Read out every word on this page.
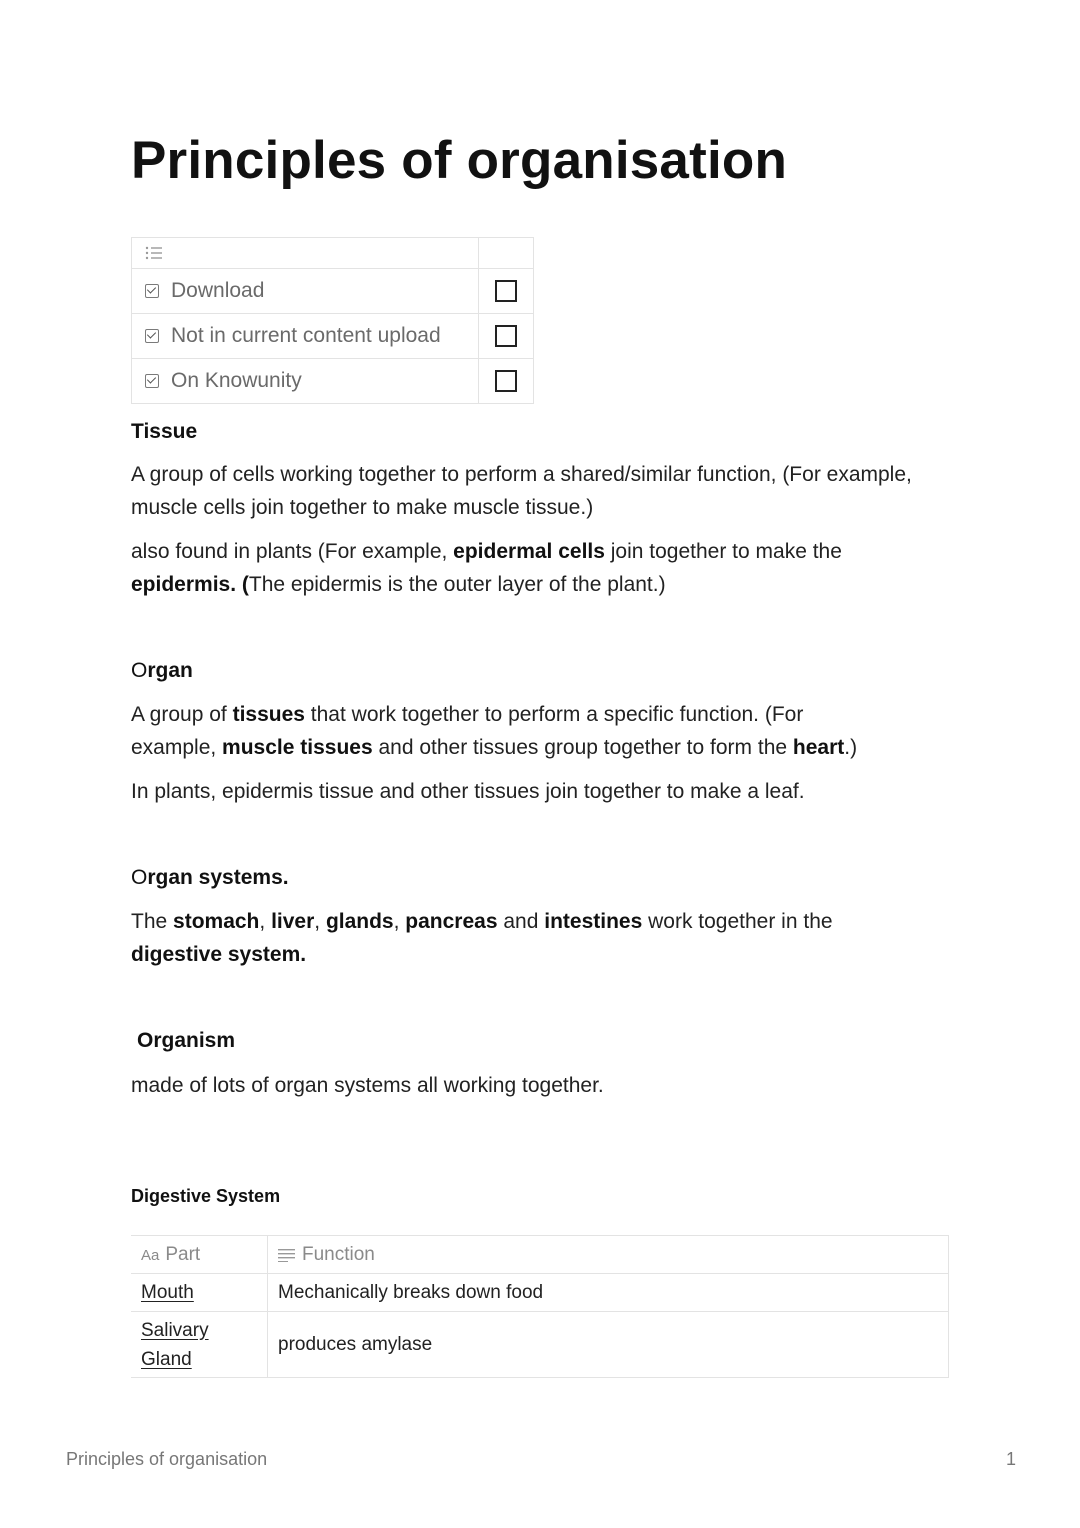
Principles of organisation

Download	
Not in current content upload	
On Knowunity	
Tissue

A group of cells working together to perform a shared/similar function, (For example, muscle cells join together to make muscle tissue.)

also found in plants (For example, epidermal cells join together to make the epidermis. (The epidermis is the outer layer of the plant.)

Organ

A group of tissues that work together to perform a specific function. (For example, muscle tissues and other tissues group together to form the heart.)

In plants, epidermis tissue and other tissues join together to make a leaf.

Organ systems.

The stomach, liver, glands, pancreas and intestines work together in the digestive system.

Organism

made of lots of organ systems all working together.

Digestive System
Aa Part	Function
Mouth	Mechanically breaks down food

Salivary
Gland	produces amylase
Principles of organisation	1
